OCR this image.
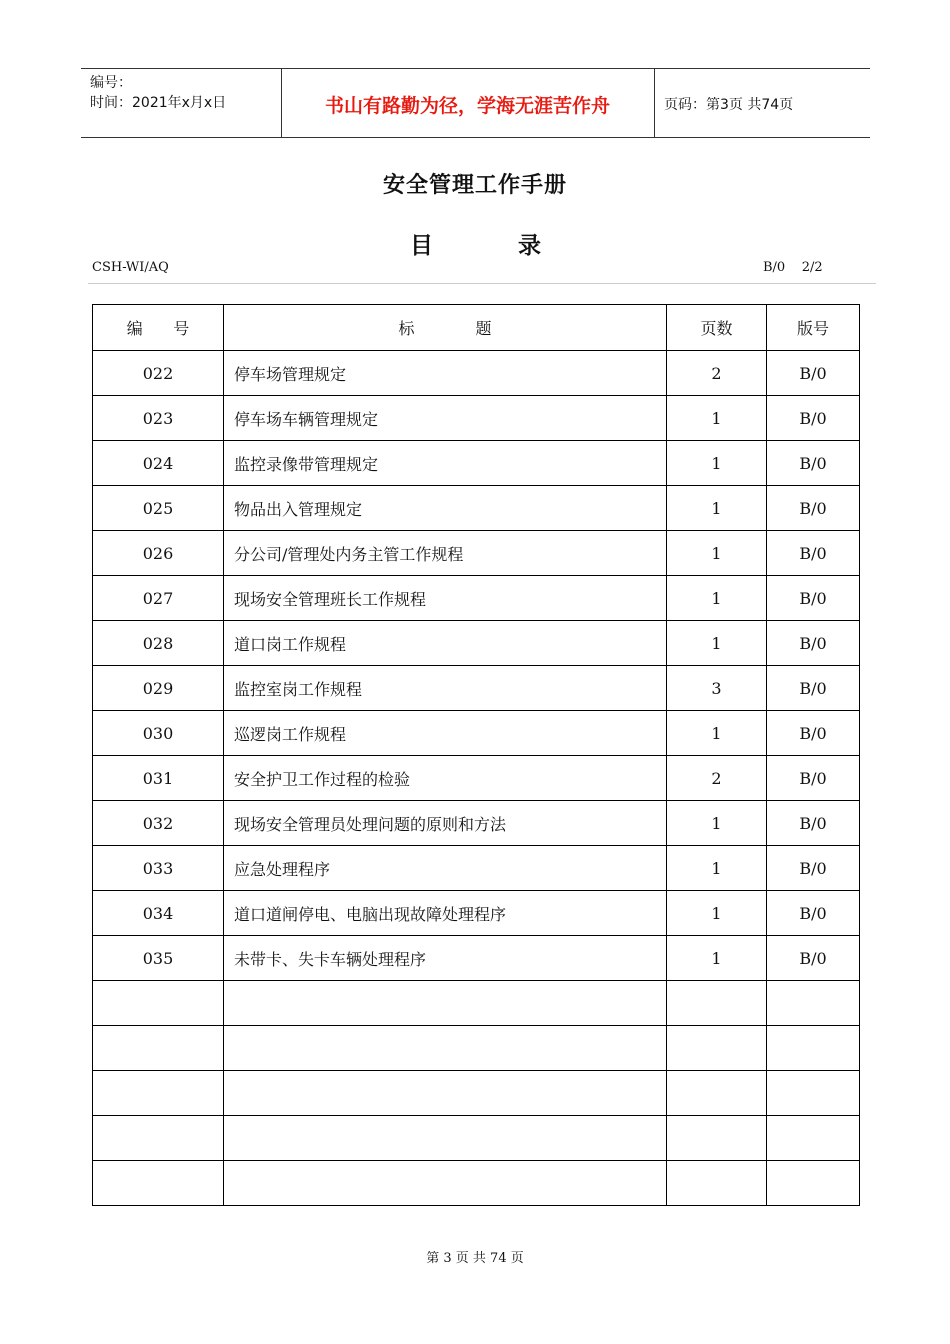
编号：
时间：2021年x月x日	书山有路勤为径，学海无涯苦作舟	页码：第3页 共74页
安全管理工作手册
目	录
CSH-WI/AQ	B/0    2/2
编      号	标            题	页数	版号
022	停车场管理规定	2	B/0
023	停车场车辆管理规定	1	B/0
024	监控录像带管理规定	1	B/0
025	物品出入管理规定	1	B/0
026	分公司/管理处内务主管工作规程	1	B/0
027	现场安全管理班长工作规程	1	B/0
028	道口岗工作规程	1	B/0
029	监控室岗工作规程	3	B/0
030	巡逻岗工作规程	1	B/0
031	安全护卫工作过程的检验	2	B/0
032	现场安全管理员处理问题的原则和方法	1	B/0
033	应急处理程序	1	B/0
034	道口道闸停电、电脑出现故障处理程序	1	B/0
035	未带卡、失卡车辆处理程序	1	B/0

第 3 页 共 74 页
